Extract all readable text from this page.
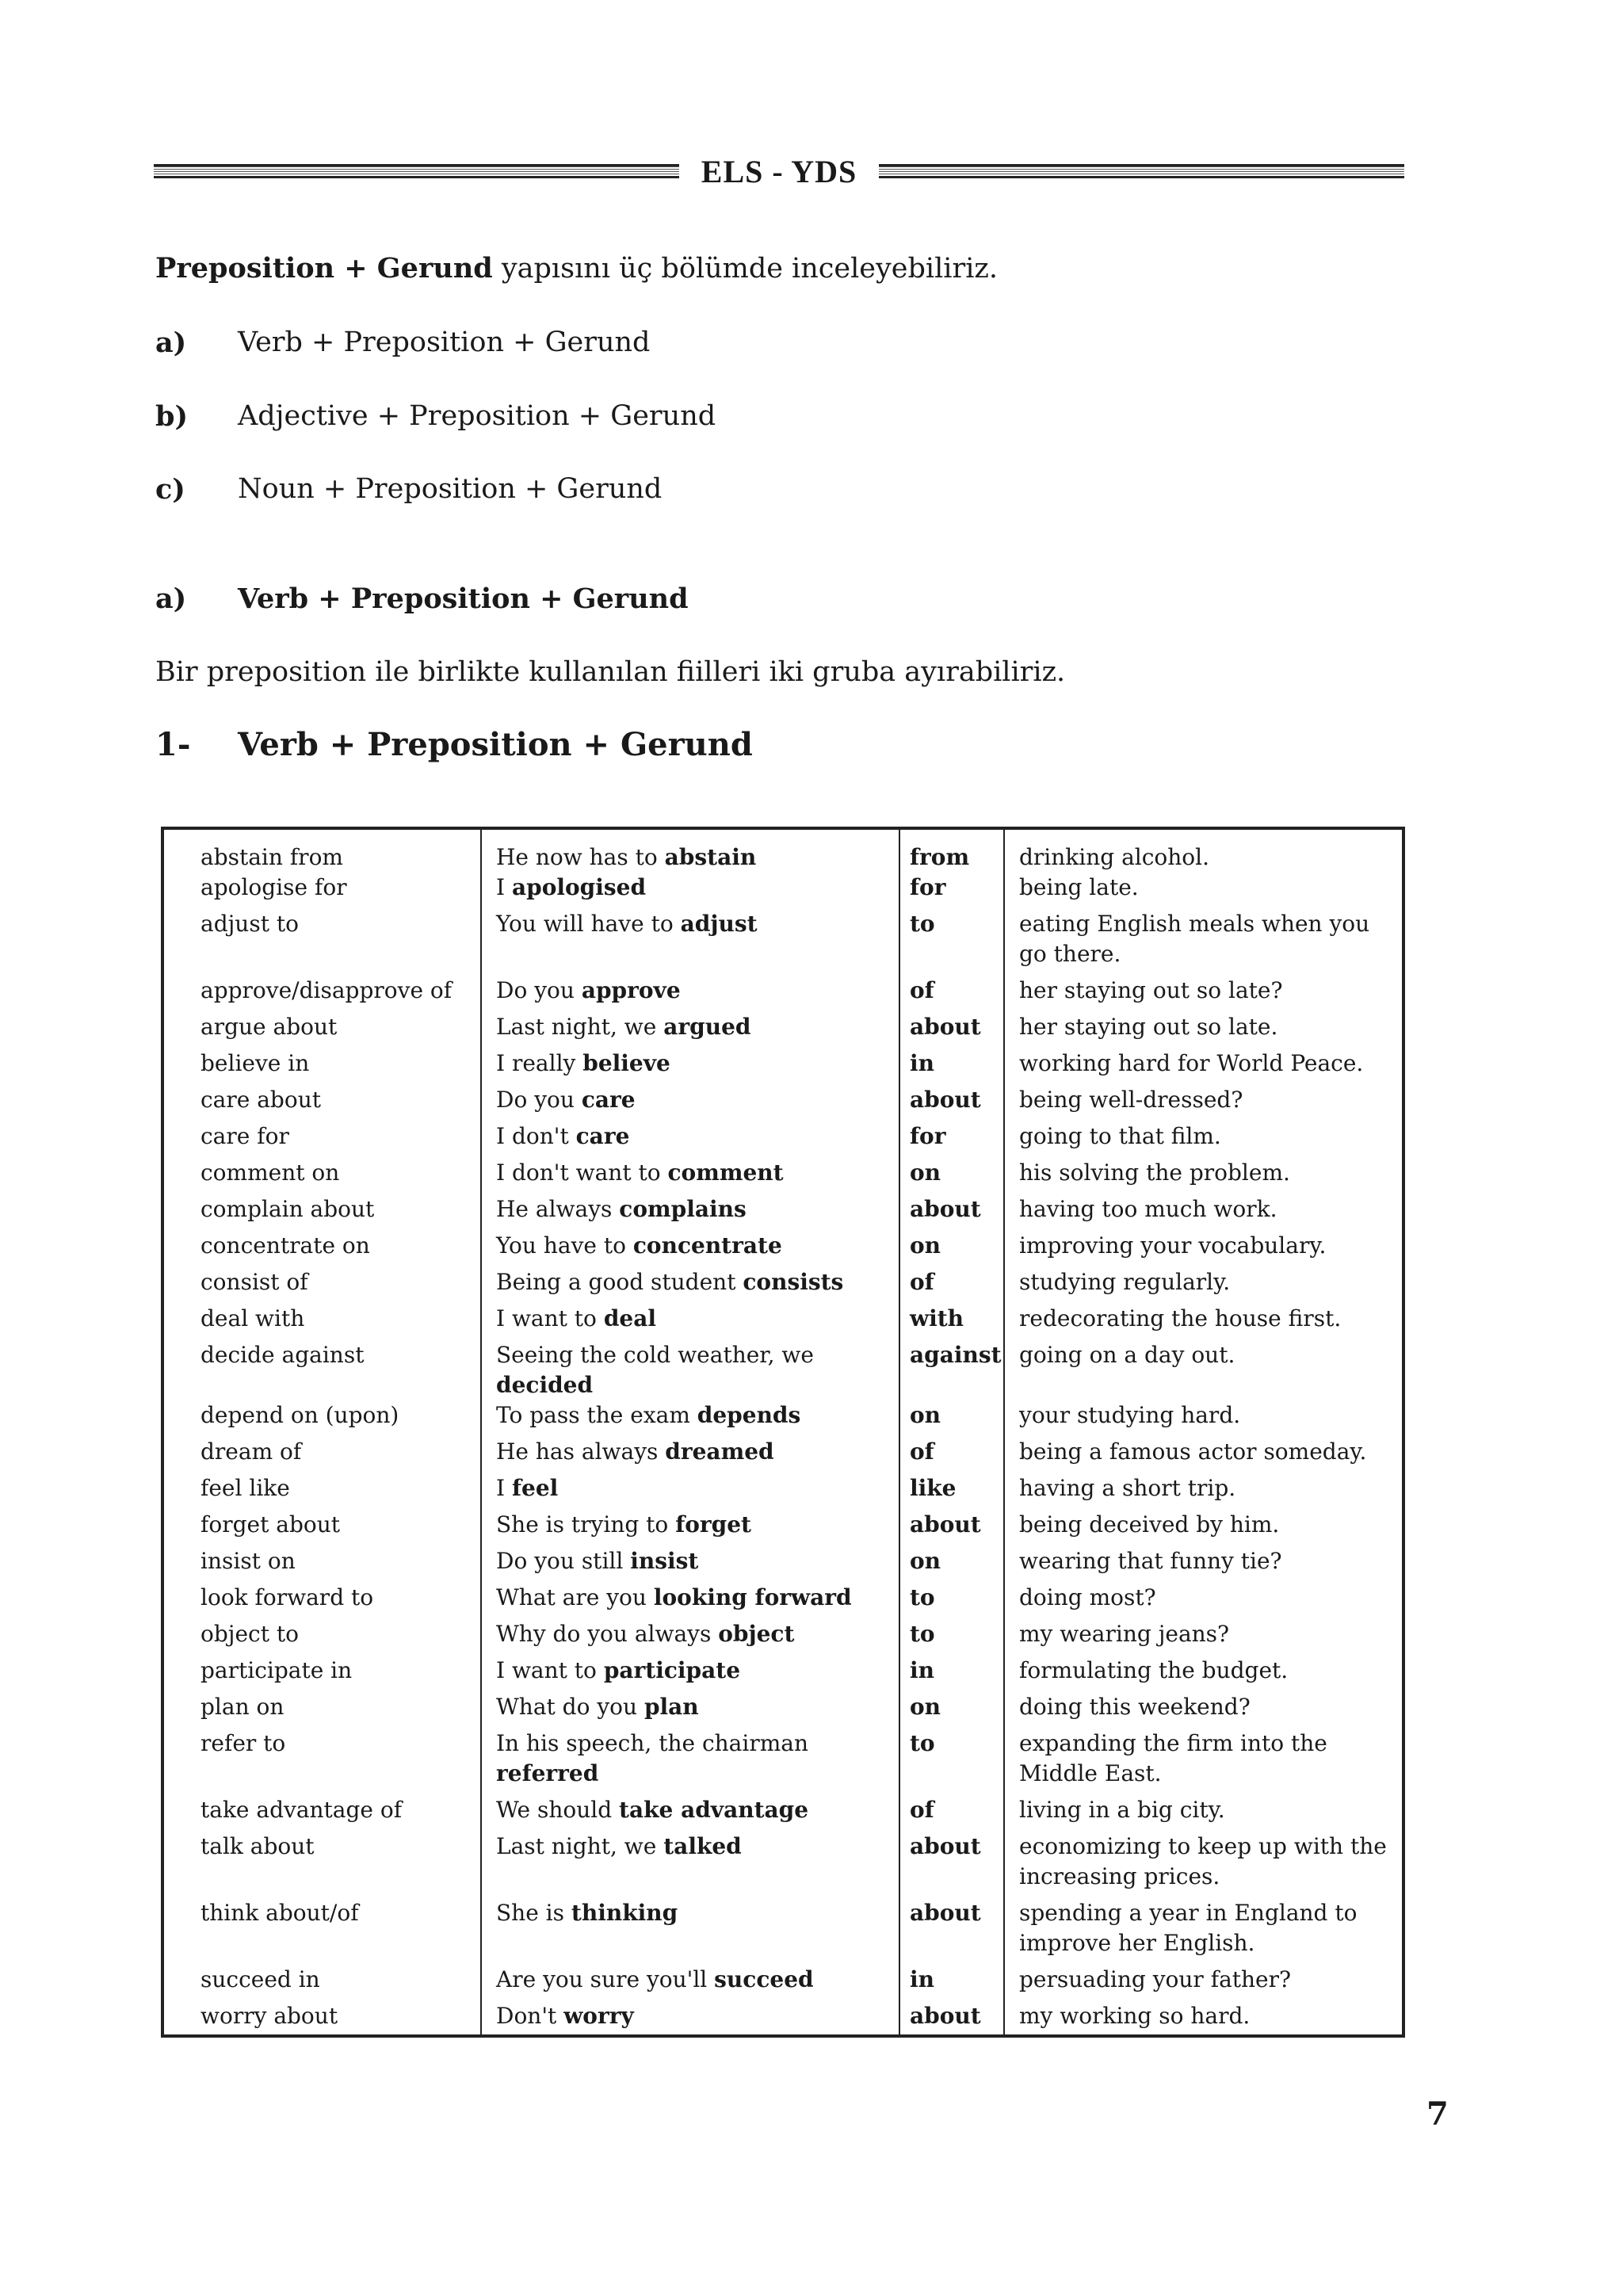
ELS - YDS
Preposition + Gerund yapısını üç bölümde inceleyebiliriz.
a)	Verb + Preposition + Gerund
b)	Adjective + Preposition + Gerund
c)	Noun + Preposition + Gerund
a)	Verb + Preposition + Gerund
Bir preposition ile birlikte kullanılan fiilleri iki gruba ayırabiliriz.
1-	Verb + Preposition + Gerund
abstain from	He now has to abstain	from	drinking alcohol.
apologise for	I apologised	for	being late.
adjust to	You will have to adjust	to	eating English meals when you go there.
approve/disapprove of	Do you approve	of	her staying out so late?
argue about	Last night, we argued	about	her staying out so late.
believe in	I really believe	in	working hard for World Peace.
care about	Do you care	about	being well-dressed?
care for	I don't care	for	going to that film.
comment on	I don't want to comment	on	his solving the problem.
complain about	He always complains	about	having too much work.
concentrate on	You have to concentrate	on	improving your vocabulary.
consist of	Being a good student consists	of	studying regularly.
deal with	I want to deal	with	redecorating the house first.
decide against	Seeing the cold weather, we decided	against	going on a day out.
depend on (upon)	To pass the exam depends	on	your studying hard.
dream of	He has always dreamed	of	being a famous actor someday.
feel like	I feel	like	having a short trip.
forget about	She is trying to forget	about	being deceived by him.
insist on	Do you still insist	on	wearing that funny tie?
look forward to	What are you looking forward	to	doing most?
object to	Why do you always object	to	my wearing jeans?
participate in	I want to participate	in	formulating the budget.
plan on	What do you plan	on	doing this weekend?
refer to	In his speech, the chairman referred	to	expanding the firm into the Middle East.
take advantage of	We should take advantage	of	living in a big city.
talk about	Last night, we talked	about	economizing to keep up with the increasing prices.
think about/of	She is thinking	about	spending a year in England to improve her English.
succeed in	Are you sure you'll succeed	in	persuading your father?
worry about	Don't worry	about	my working so hard.

7
